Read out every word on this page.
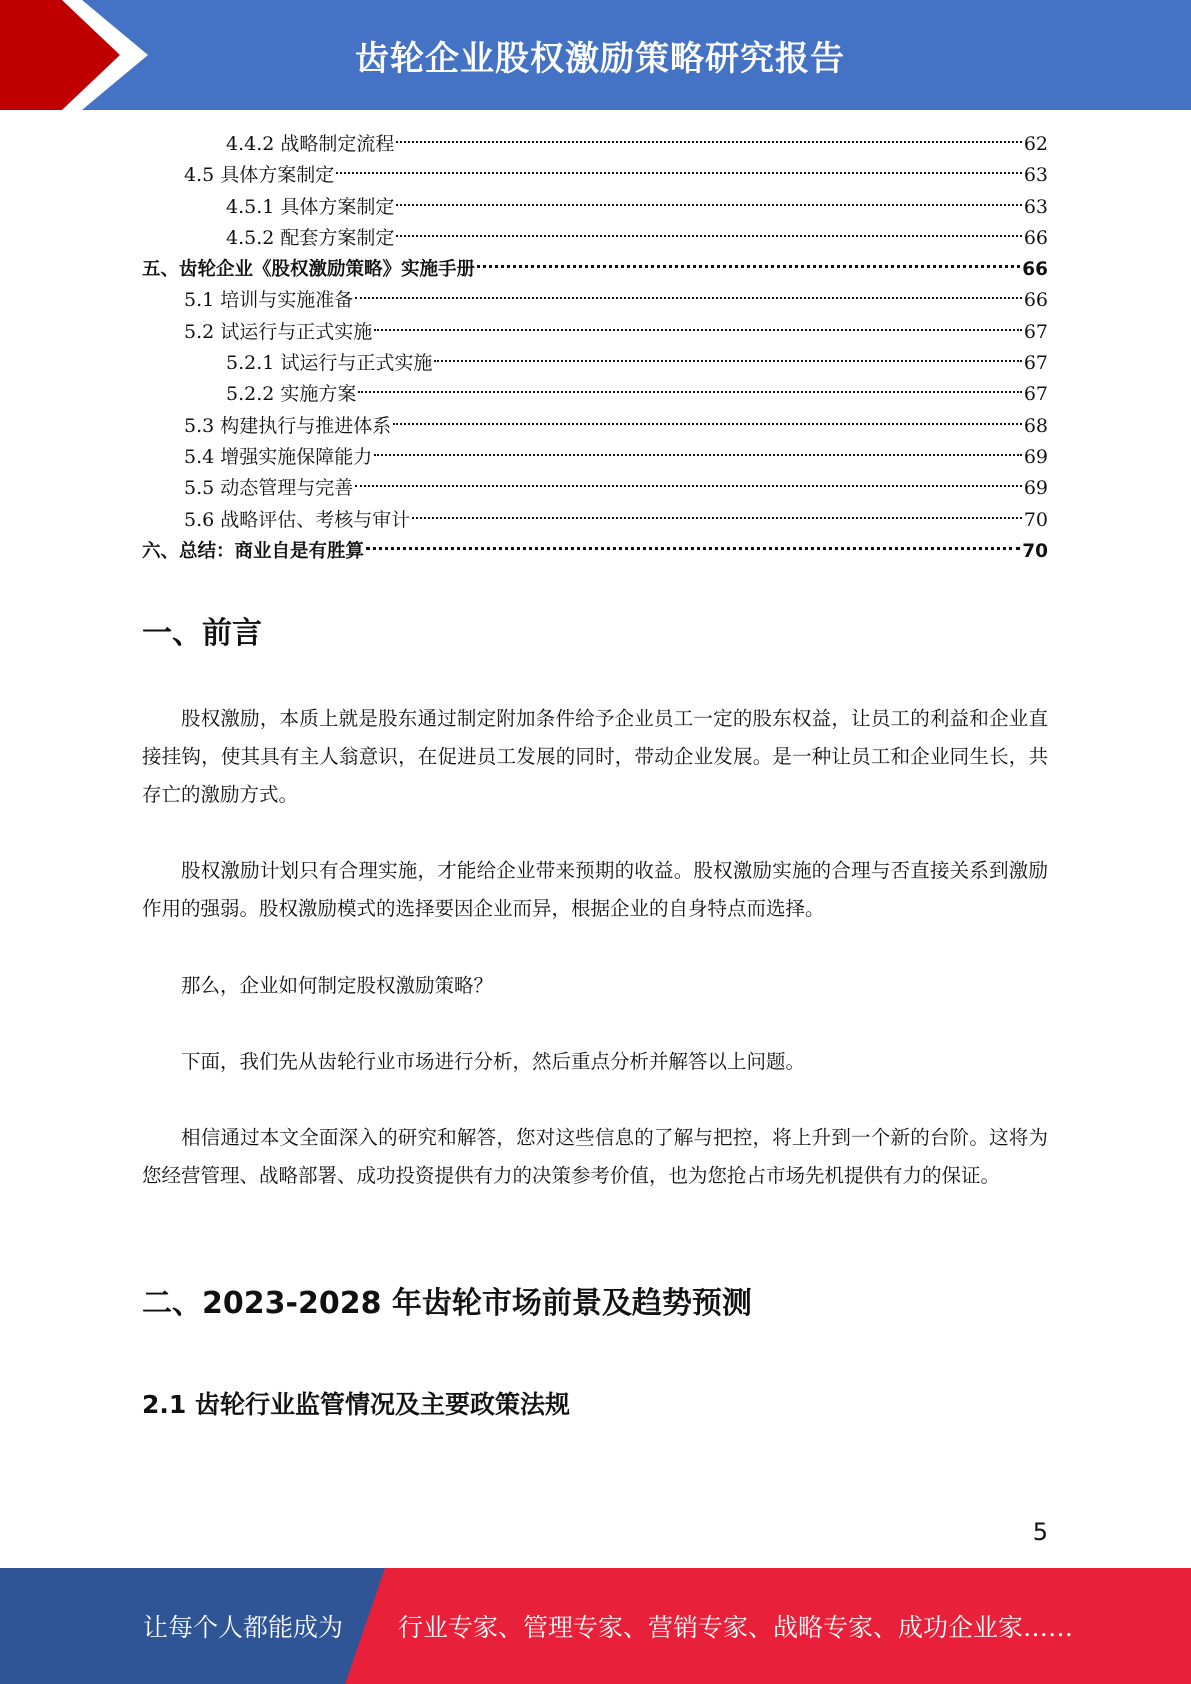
齿轮企业股权激励策略研究报告
4.4.2 战略制定流程	62
4.5 具体方案制定	63
4.5.1 具体方案制定	63
4.5.2 配套方案制定	66
五、齿轮企业《股权激励策略》实施手册	66
5.1 培训与实施准备	66
5.2 试运行与正式实施	67
5.2.1 试运行与正式实施	67
5.2.2 实施方案	67
5.3 构建执行与推进体系	68
5.4 增强实施保障能力	69
5.5 动态管理与完善	69
5.6 战略评估、考核与审计	70
六、总结：商业自是有胜算	70
一、前言
股权激励，本质上就是股东通过制定附加条件给予企业员工一定的股东权益，让员工的利益和企业直接挂钩，使其具有主人翁意识，在促进员工发展的同时，带动企业发展。是一种让员工和企业同生长，共存亡的激励方式。
股权激励计划只有合理实施，才能给企业带来预期的收益。股权激励实施的合理与否直接关系到激励作用的强弱。股权激励模式的选择要因企业而异，根据企业的自身特点而选择。
那么，企业如何制定股权激励策略？
下面，我们先从齿轮行业市场进行分析，然后重点分析并解答以上问题。
相信通过本文全面深入的研究和解答，您对这些信息的了解与把控，将上升到一个新的台阶。这将为您经营管理、战略部署、成功投资提供有力的决策参考价值，也为您抢占市场先机提供有力的保证。
二、2023-2028 年齿轮市场前景及趋势预测
2.1 齿轮行业监管情况及主要政策法规
5
让每个人都能成为 行业专家、管理专家、营销专家、战略专家、成功企业家……
